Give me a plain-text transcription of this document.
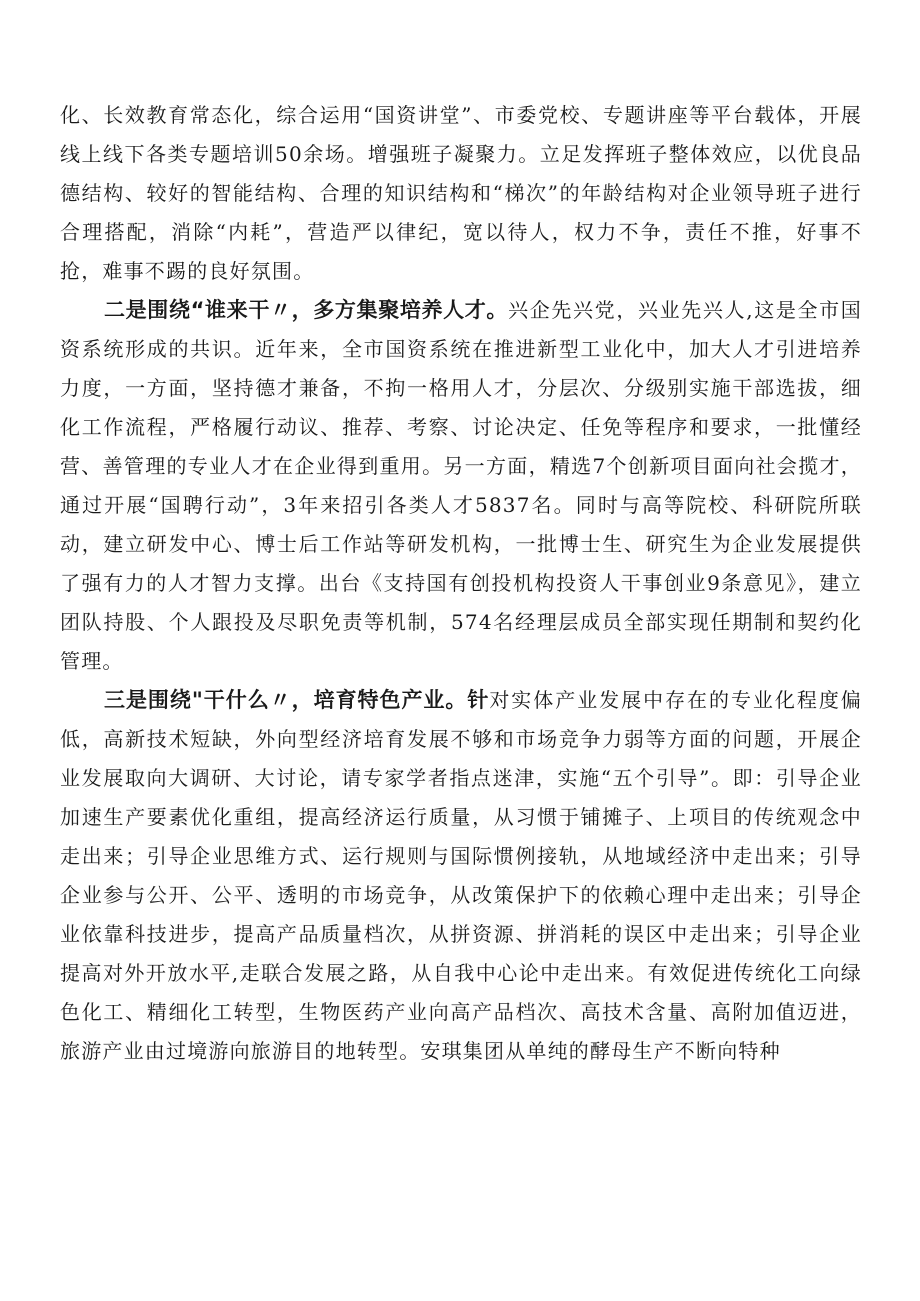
化、长效教育常态化，综合运用“国资讲堂”、市委党校、专题讲座等平台载体，开展线上线下各类专题培训50余场。增强班子凝聚力。立足发挥班子整体效应，以优良品德结构、较好的智能结构、合理的知识结构和“梯次”的年龄结构对企业领导班子进行合理搭配，消除“内耗”，营造严以律纪，宽以待人，权力不争，责任不推，好事不抢，难事不踢的良好氛围。

二是围绕“谁来干〃，多方集聚培养人才。兴企先兴党，兴业先兴人,这是全市国资系统形成的共识。近年来，全市国资系统在推进新型工业化中，加大人才引进培养力度，一方面，坚持德才兼备，不拘一格用人才，分层次、分级别实施干部选拔，细化工作流程，严格履行动议、推荐、考察、讨论决定、任免等程序和要求，一批懂经营、善管理的专业人才在企业得到重用。另一方面，精选7个创新项目面向社会揽才，通过开展“国聘行动”，3年来招引各类人才5837名。同时与高等院校、科研院所联动，建立研发中心、博士后工作站等研发机构，一批博士生、研究生为企业发展提供了强有力的人才智力支撑。出台《支持国有创投机构投资人干事创业9条意见》，建立团队持股、个人跟投及尽职免责等机制，574名经理层成员全部实现任期制和契约化管理。

三是围绕"干什么〃，培育特色产业。针对实体产业发展中存在的专业化程度偏低，高新技术短缺，外向型经济培育发展不够和市场竞争力弱等方面的问题，开展企业发展取向大调研、大讨论，请专家学者指点迷津，实施“五个引导”。即：引导企业加速生产要素优化重组，提高经济运行质量，从习惯于铺摊子、上项目的传统观念中走出来；引导企业思维方式、运行规则与国际惯例接轨，从地域经济中走出来；引导企业参与公开、公平、透明的市场竞争，从改策保护下的依赖心理中走出来；引导企业依靠科技进步，提高产品质量档次，从拼资源、拼消耗的误区中走出来；引导企业提高对外开放水平,走联合发展之路，从自我中心论中走出来。有效促进传统化工向绿色化工、精细化工转型，生物医药产业向高产品档次、高技术含量、高附加值迈进，旅游产业由过境游向旅游目的地转型。安琪集团从单纯的酵母生产不断向特种
